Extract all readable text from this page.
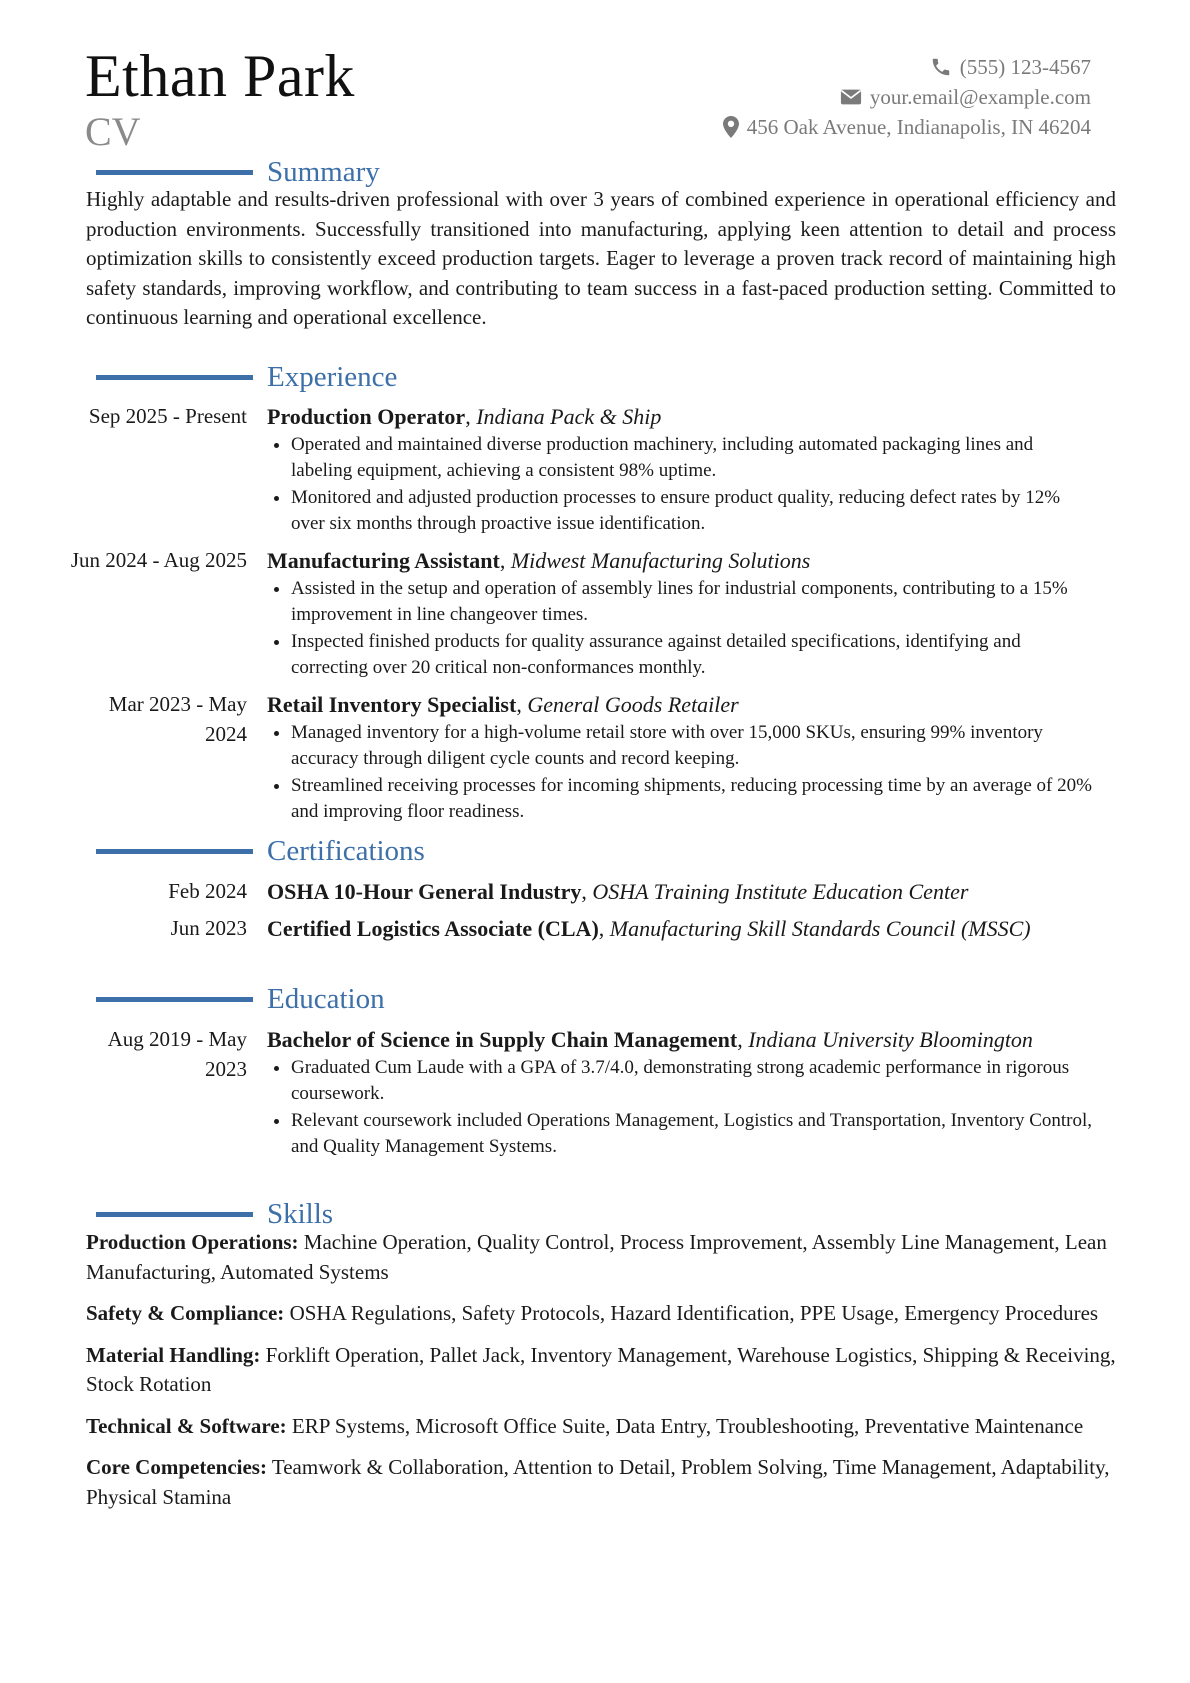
Ethan Park
CV
(555) 123-4567
your.email@example.com
456 Oak Avenue, Indianapolis, IN 46204
Summary
Highly adaptable and results-driven professional with over 3 years of combined experience in operational efficiency and production environments. Successfully transitioned into manufacturing, applying keen attention to detail and process optimization skills to consistently exceed production targets. Eager to leverage a proven track record of maintaining high safety standards, improving workflow, and contributing to team success in a fast-paced production setting. Committed to continuous learning and operational excellence.
Experience
Sep 2025 - Present Production Operator, Indiana Pack & Ship
• Operated and maintained diverse production machinery, including automated packaging lines and labeling equipment, achieving a consistent 98% uptime.
• Monitored and adjusted production processes to ensure product quality, reducing defect rates by 12% over six months through proactive issue identification.
Jun 2024 - Aug 2025 Manufacturing Assistant, Midwest Manufacturing Solutions
• Assisted in the setup and operation of assembly lines for industrial components, contributing to a 15% improvement in line changeover times.
• Inspected finished products for quality assurance against detailed specifications, identifying and correcting over 20 critical non-conformances monthly.
Mar 2023 - May 2024
Retail Inventory Specialist, General Goods Retailer
• Managed inventory for a high-volume retail store with over 15,000 SKUs, ensuring 99% inventory accuracy through diligent cycle counts and record keeping.
• Streamlined receiving processes for incoming shipments, reducing processing time by an average of 20% and improving floor readiness.
Certifications
Feb 2024 OSHA 10-Hour General Industry, OSHA Training Institute Education Center
Jun 2023 Certified Logistics Associate (CLA), Manufacturing Skill Standards Council (MSSC)
Education
Aug 2019 - May 2023
Bachelor of Science in Supply Chain Management, Indiana University Bloomington
• Graduated Cum Laude with a GPA of 3.7/4.0, demonstrating strong academic performance in rigorous coursework.
• Relevant coursework included Operations Management, Logistics and Transportation, Inventory Control, and Quality Management Systems.
Skills
Production Operations: Machine Operation, Quality Control, Process Improvement, Assembly Line Management, Lean Manufacturing, Automated Systems
Safety & Compliance: OSHA Regulations, Safety Protocols, Hazard Identification, PPE Usage, Emergency Procedures
Material Handling: Forklift Operation, Pallet Jack, Inventory Management, Warehouse Logistics, Shipping & Receiving, Stock Rotation
Technical & Software: ERP Systems, Microsoft Office Suite, Data Entry, Troubleshooting, Preventative Maintenance
Core Competencies: Teamwork & Collaboration, Attention to Detail, Problem Solving, Time Management, Adaptability, Physical Stamina
